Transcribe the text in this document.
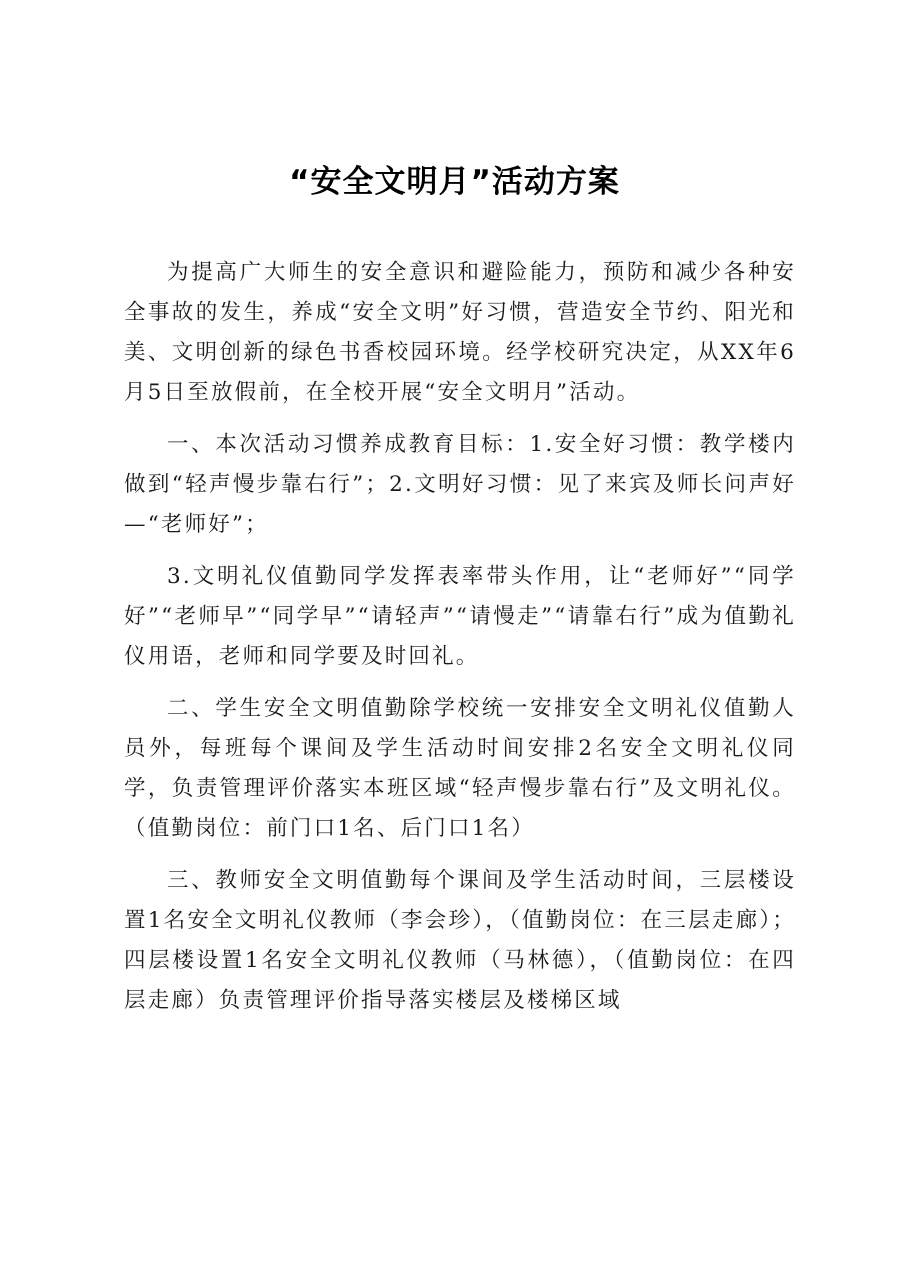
“安全文明月”活动方案

为提高广大师生的安全意识和避险能力，预防和减少各种安全事故的发生，养成“安全文明”好习惯，营造安全节约、阳光和美、文明创新的绿色书香校园环境。经学校研究决定，从XX年6月5日至放假前，在全校开展“安全文明月”活动。

一、本次活动习惯养成教育目标：1.安全好习惯：教学楼内做到“轻声慢步靠右行”；2.文明好习惯：见了来宾及师长问声好—“老师好”；

3.文明礼仪值勤同学发挥表率带头作用，让“老师好”“同学好”“老师早”“同学早”“请轻声”“请慢走”“请靠右行”成为值勤礼仪用语，老师和同学要及时回礼。

二、学生安全文明值勤除学校统一安排安全文明礼仪值勤人员外，每班每个课间及学生活动时间安排2名安全文明礼仪同学，负责管理评价落实本班区域“轻声慢步靠右行”及文明礼仪。（值勤岗位：前门口1名、后门口1名）

三、教师安全文明值勤每个课间及学生活动时间，三层楼设置1名安全文明礼仪教师（李会珍），（值勤岗位：在三层走廊）；四层楼设置1名安全文明礼仪教师（马林德），（值勤岗位：在四层走廊）负责管理评价指导落实楼层及楼梯区域
